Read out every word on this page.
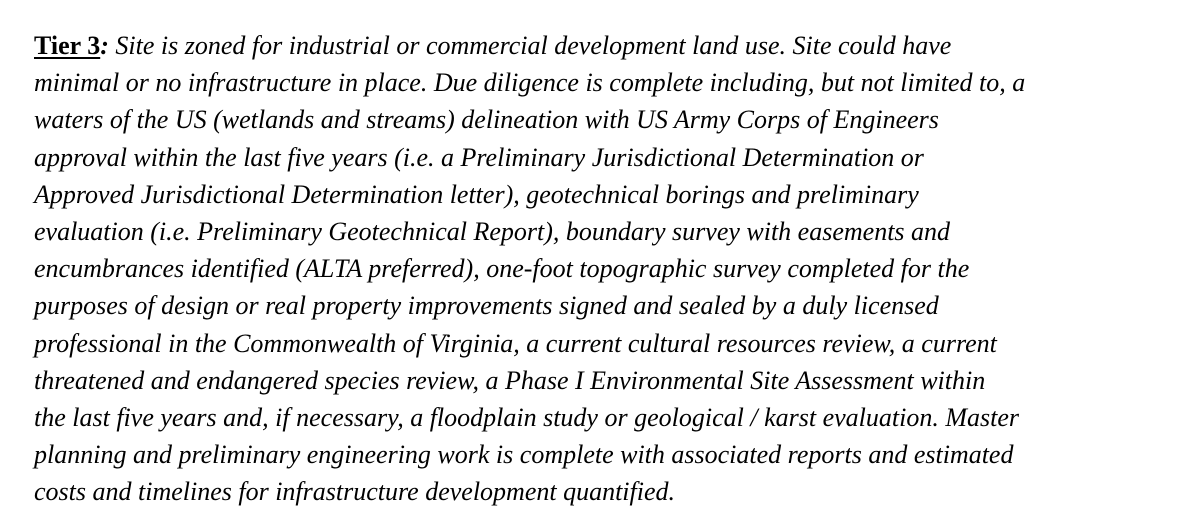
Tier 3: Site is zoned for industrial or commercial development land use. Site could have
minimal or no infrastructure in place. Due diligence is complete including, but not limited to, a
waters of the US (wetlands and streams) delineation with US Army Corps of Engineers
approval within the last five years (i.e. a Preliminary Jurisdictional Determination or
Approved Jurisdictional Determination letter), geotechnical borings and preliminary
evaluation (i.e. Preliminary Geotechnical Report), boundary survey with easements and
encumbrances identified (ALTA preferred), one-foot topographic survey completed for the
purposes of design or real property improvements signed and sealed by a duly licensed
professional in the Commonwealth of Virginia, a current cultural resources review, a current
threatened and endangered species review, a Phase I Environmental Site Assessment within
the last five years and, if necessary, a floodplain study or geological / karst evaluation. Master
planning and preliminary engineering work is complete with associated reports and estimated
costs and timelines for infrastructure development quantified.
